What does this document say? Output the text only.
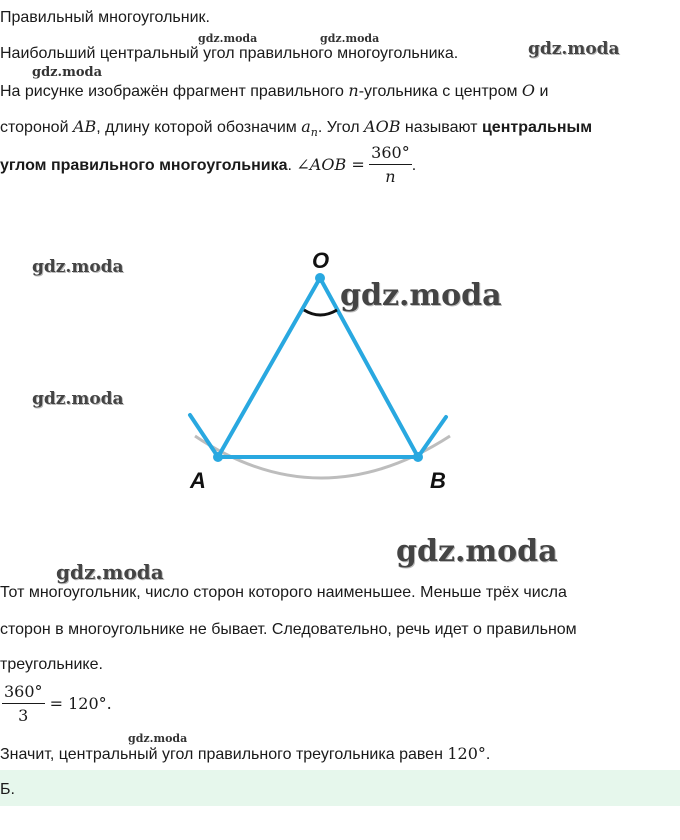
Правильный многоугольник.
Наибольший центральный угол правильного многоугольника.
На рисунке изображён фрагмент правильного n-угольника с центром O и
стороной AB, длину которой обозначим $a_n$. Угол AOB называют центральным
углом правильного многоугольника. ∠AOB = $\frac{360^\circ}{n}$ .
O
A	B
Тот многоугольник, число сторон которого наименьшее. Меньше трёх числа
сторон в многоугольнике не бывает. Следовательно, речь идет о правильном
треугольнике.
$\frac{360^\circ}{3} = 120^\circ$.
Значит, центральный угол правильного треугольника равен 120°.
Б.
gdz.moda	gdz.moda
gdz.moda
gdz.moda
gdz.moda
gdz.moda
gdz.moda
gdz.moda
gdz.moda
gdz.moda
